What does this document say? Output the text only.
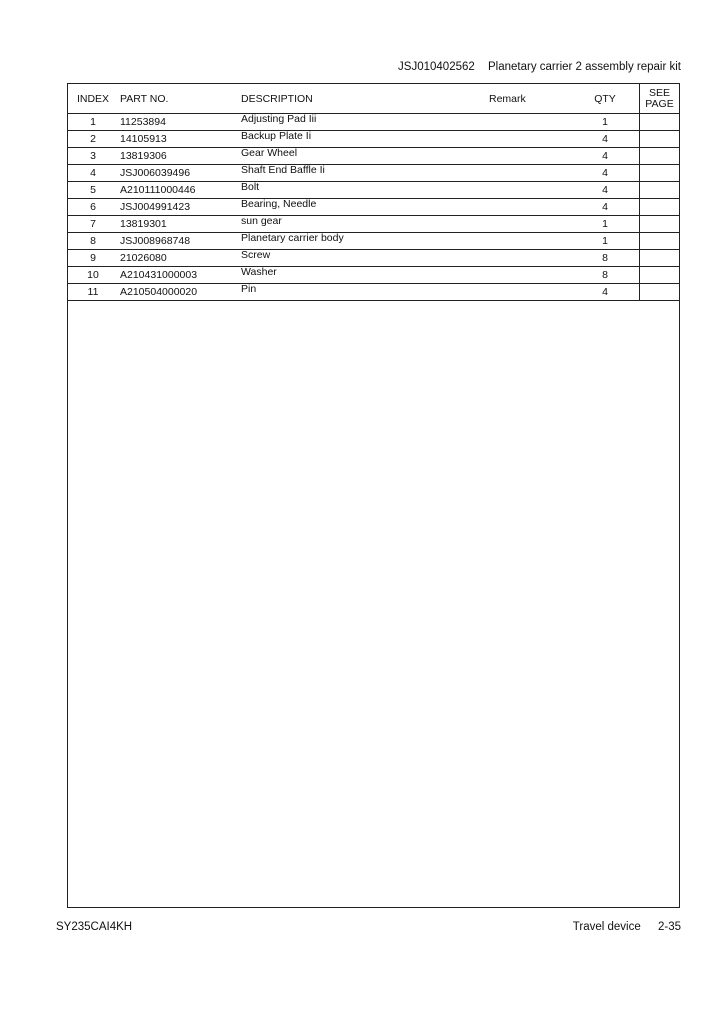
JSJ010402562 Planetary carrier 2 assembly repair kit
INDEX	PART NO.	DESCRIPTION	Remark	QTY	SEE
PAGE

1	11253894	Adjusting Pad Iii		1	
2	14105913	Backup Plate Ii		4	
3	13819306	Gear Wheel		4	
4	JSJ006039496	Shaft End Baffle Ii		4	
5	A210111000446	Bolt		4	
6	JSJ004991423	Bearing, Needle		4	
7	13819301	sun gear		1	
8	JSJ008968748	Planetary carrier body		1	
9	21026080	Screw		8	
10	A210431000003	Washer		8	
11	A210504000020	Pin		4	
SY235CAI4KH	Travel device 2-35
